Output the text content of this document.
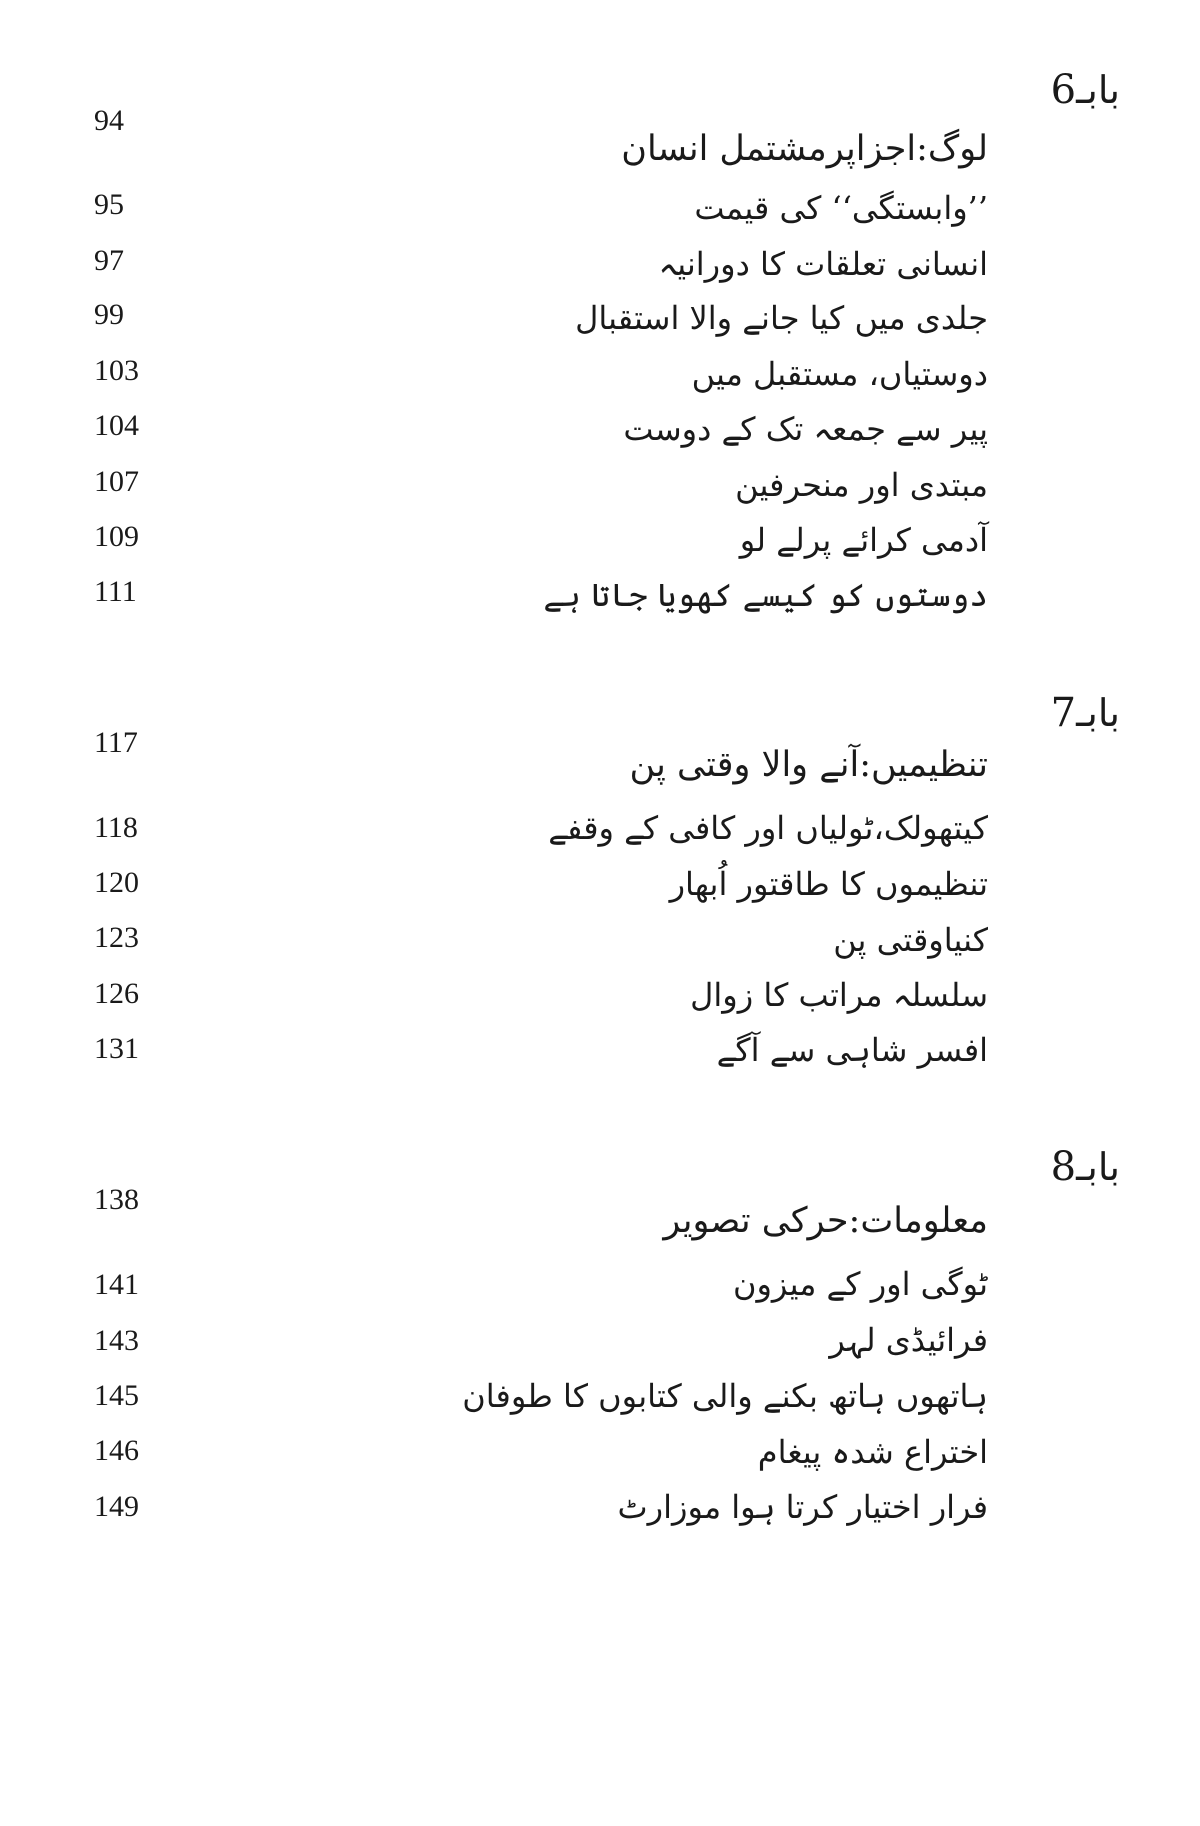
بابـ6
لوگ:اجزاپرمشتمل انسان
94
’’وابستگی‘‘ کی قیمت
95
انسانی تعلقات کا دورانیہ
97
جلدی میں کیا جانے والا استقبال
99
دوستیاں، مستقبل میں
103
پیر سے جمعہ تک کے دوست
104
مبتدی اور منحرفین
107
آدمی کرائے پرلے لو
109
دوستوں کو کیسے کھویا جاتا ہے
111
بابـ7
تنظیمیں:آنے والا وقتی پن
117
کیتھولک،ٹولیاں اور کافی کے وقفے
118
تنظیموں کا طاقتور اُبھار
120
کنیاوقتی پن
123
سلسلہ مراتب کا زوال
126
افسر شاہی سے آگے
131
بابـ8
معلومات:حرکی تصویر
138
ٹوگی اور کے میزون
141
فرائیڈی لہر
143
ہاتھوں ہاتھ بکنے والی کتابوں کا طوفان
145
اختراع شدہ پیغام
146
فرار اختیار کرتا ہوا موزارٹ
149
